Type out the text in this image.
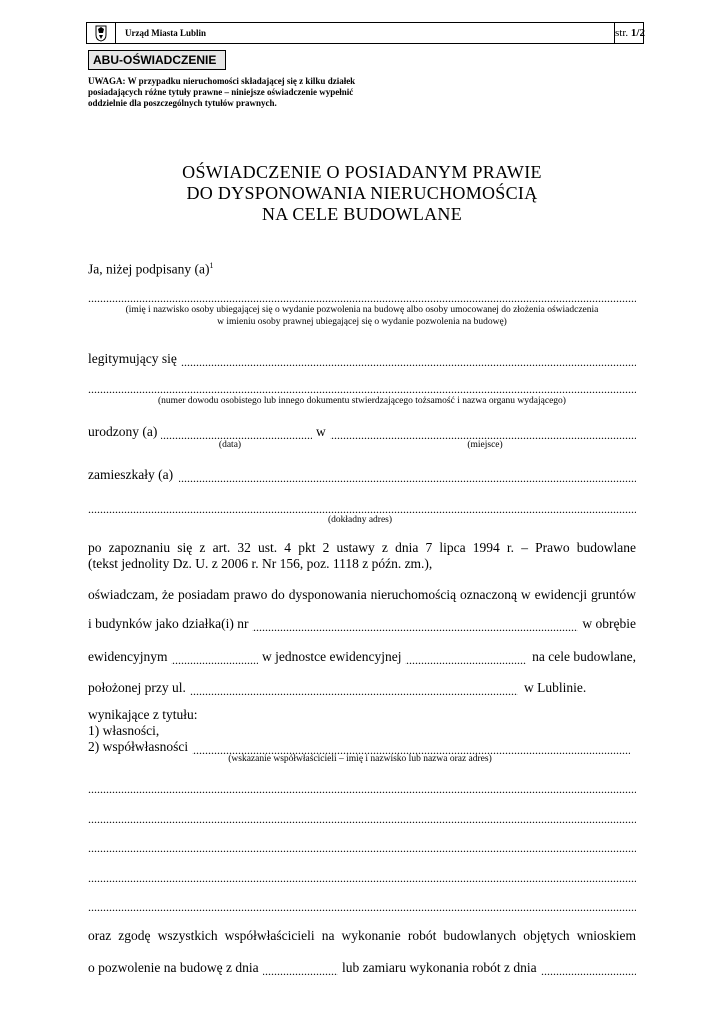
Urząd Miasta Lublin	str. 1/2
ABU-OŚWIADCZENIE
UWAGA: W przypadku nieruchomości składającej się z kilku działek posiadających różne tytuły prawne – niniejsze oświadczenie wypełnić oddzielnie dla poszczególnych tytułów prawnych.
OŚWIADCZENIE O POSIADANYM PRAWIE
DO DYSPONOWANIA NIERUCHOMOŚCIĄ
NA CELE BUDOWLANE
Ja, niżej podpisany $(a)^1$
.....
(imię i nazwisko osoby ubiegającej się o wydanie pozwolenia na budowę albo osoby umocowanej do złożenia oświadczenia
w imieniu osoby prawnej ubiegającej się o wydanie pozwolenia na budowę)
.....
legitymujący się
.....
(numer dowodu osobistego lub innego dokumentu stwierdzającego tożsamość i nazwa organu wydającego)
.....
urodzony (a)	w
(data)	(miejsce)
.....
zamieszkały (a)
.....
(dokładny adres)
po zapoznaniu się z art. 32 ust. 4 pkt 2 ustawy z dnia 7 lipca 1994 r. – Prawo budowlane
(tekst jednolity Dz. U. z 2006 r. Nr 156, poz. 1118 z późn. zm.),
oświadczam, że posiadam prawo do dysponowania nieruchomością oznaczoną w ewidencji gruntów
.....
i budynków jako działka(i) nr	w obrębie
.....
ewidencyjnym	w jednostce ewidencyjnej	na cele budowlane,
.....
położonej przy ul.	w Lublinie.
wynikające z tytułu:
1) własności,
.....
2) współwłasności
(wskazanie współwłaścicieli – imię i nazwisko lub nazwa oraz adres)
.....
.....
.....
.....
.....
oraz zgodę wszystkich współwłaścicieli na wykonanie robót budowlanych objętych wnioskiem
.....
o pozwolenie na budowę z dnia	lub zamiaru wykonania robót z dnia
